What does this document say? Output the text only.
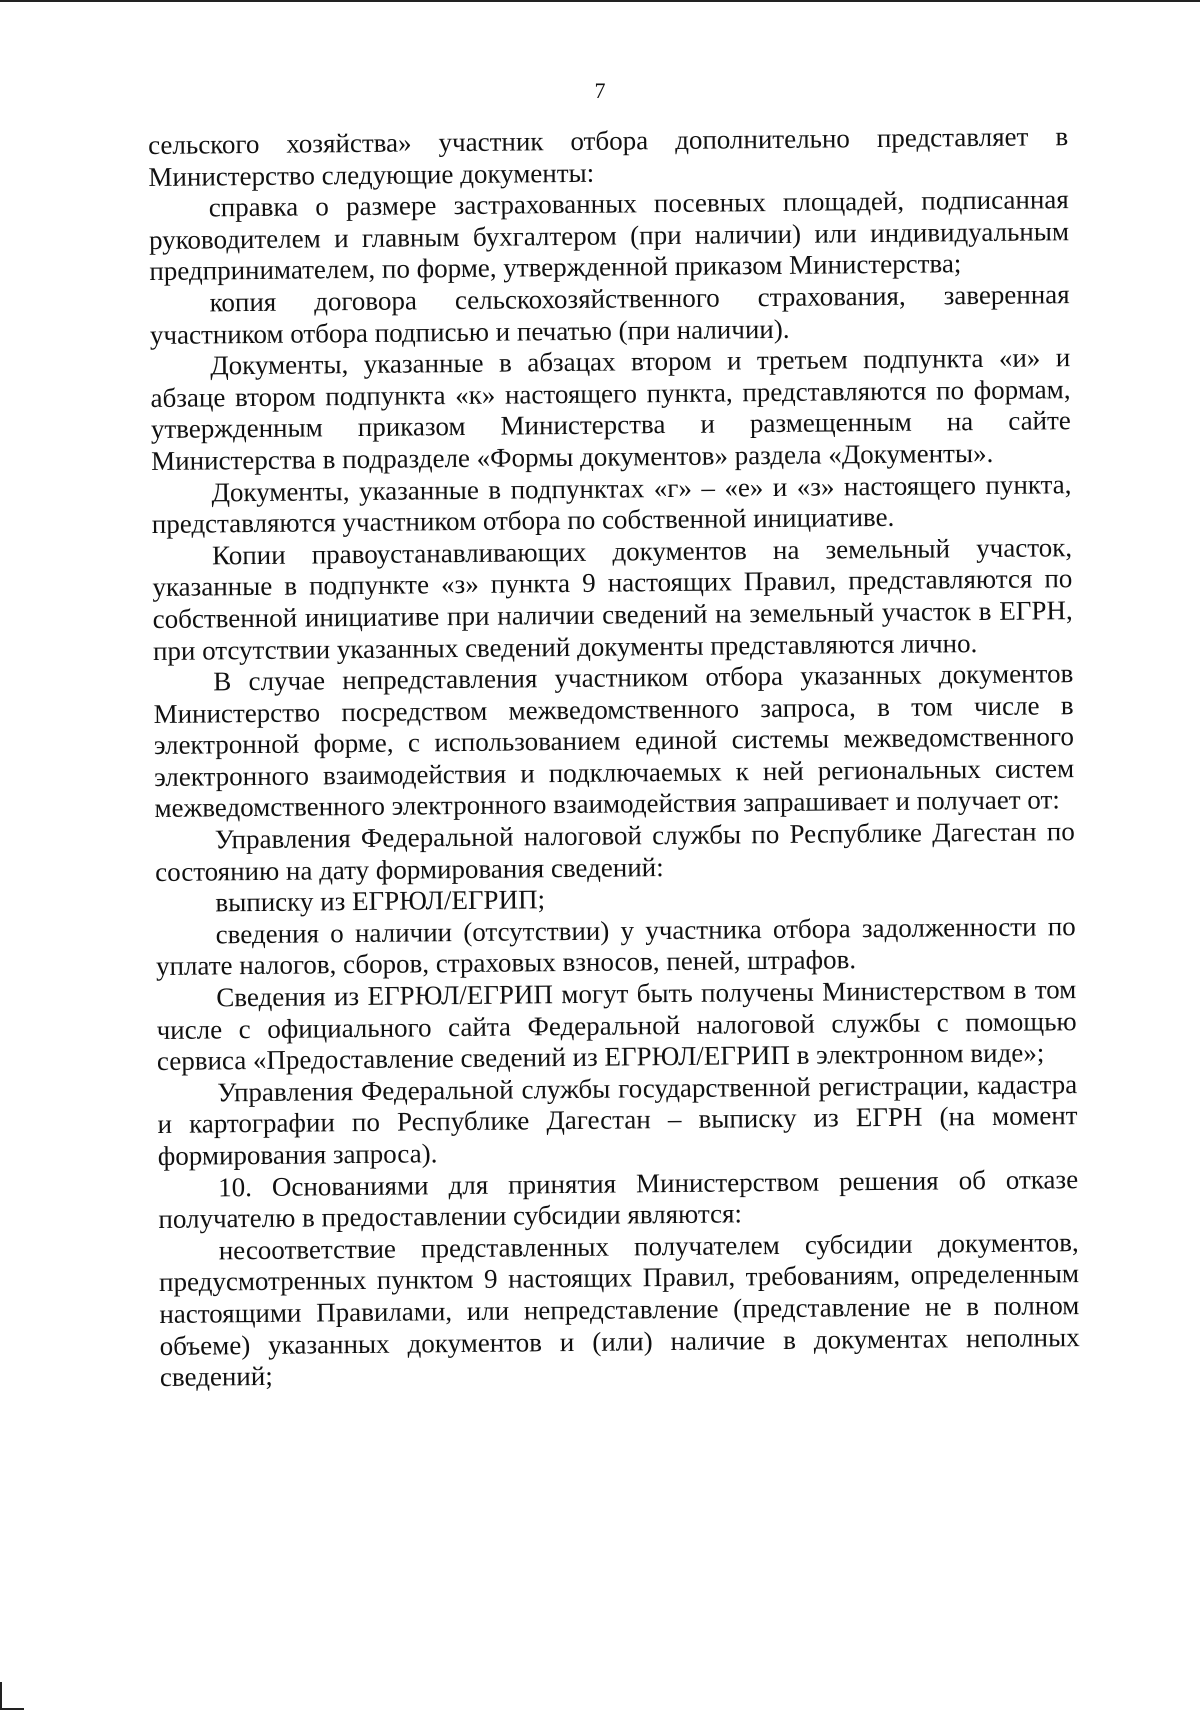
7

сельского хозяйства» участник отбора дополнительно представляет в Министерство следующие документы:

справка о размере застрахованных посевных площадей, подписанная руководителем и главным бухгалтером (при наличии) или индивидуальным предпринимателем, по форме, утвержденной приказом Министерства;

копия договора сельскохозяйственного страхования, заверенная участником отбора подписью и печатью (при наличии).

Документы, указанные в абзацах втором и третьем подпункта «и» и абзаце втором подпункта «к» настоящего пункта, представляются по формам, утвержденным приказом Министерства и размещенным на сайте Министерства в подразделе «Формы документов» раздела «Документы».

Документы, указанные в подпунктах «г» – «е» и «з» настоящего пункта, представляются участником отбора по собственной инициативе.

Копии правоустанавливающих документов на земельный участок, указанные в подпункте «з» пункта 9 настоящих Правил, представляются по собственной инициативе при наличии сведений на земельный участок в ЕГРН, при отсутствии указанных сведений документы представляются лично.

В случае непредставления участником отбора указанных документов Министерство посредством межведомственного запроса, в том числе в электронной форме, с использованием единой системы межведомственного электронного взаимодействия и подключаемых к ней региональных систем межведомственного электронного взаимодействия запрашивает и получает от:

Управления Федеральной налоговой службы по Республике Дагестан по состоянию на дату формирования сведений:

выписку из ЕГРЮЛ/ЕГРИП;

сведения о наличии (отсутствии) у участника отбора задолженности по уплате налогов, сборов, страховых взносов, пеней, штрафов.

Сведения из ЕГРЮЛ/ЕГРИП могут быть получены Министерством в том числе с официального сайта Федеральной налоговой службы с помощью сервиса «Предоставление сведений из ЕГРЮЛ/ЕГРИП в электронном виде»;

Управления Федеральной службы государственной регистрации, кадастра и картографии по Республике Дагестан – выписку из ЕГРН (на момент формирования запроса).

10. Основаниями для принятия Министерством решения об отказе получателю в предоставлении субсидии являются:

несоответствие представленных получателем субсидии документов, предусмотренных пунктом 9 настоящих Правил, требованиям, определенным настоящими Правилами, или непредставление (представление не в полном объеме) указанных документов и (или) наличие в документах неполных сведений;
